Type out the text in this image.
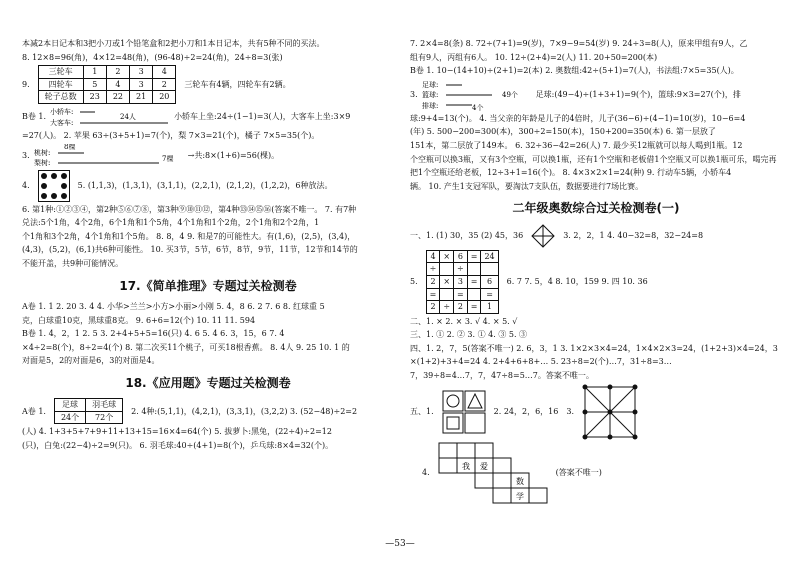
本减2本日记本和3把小刀或1个铅笔盒和2把小刀和1本日记本，共有5种不同的买法。

8. 12×8=96(角)，4×12=48(角)，(96-48)÷2=24(角)，24÷8=3(张)

9.
三轮车	1	2	3	4
四轮车	5	4	3	2
轮子总数	23	22	21	20
三轮车有4辆，四轮车有2辆。
B卷 1.
小轿车:
大客车:
24人	小轿车上坐:24÷(1−1)=3(人)，大客车上坐:3×9

=27(人)。 2. 苹果 63÷(3+5+1)=7(个)，梨 7×3=21(个)，橘子 7×5=35(个)。

3. 桃树:
梨树:
8棵
7棵 →共:8×(1+6)=56(棵)。
4.	5. (1,1,3)，(1,3,1)，(3,1,1)，(2,2,1)，(2,1,2)，(1,2,2)，6种放法。

6. 第1种:①②③④，第2种⑤⑥⑦⑧，第3种⑨⑩⑪⑫，第4种⑬⑭⑮⑯(答案不唯一。 7. 有7种

兑法:5个1角，4个2角，6个1角和1个5角，4个1角和1个2角，2个1角和2个2角，1

个1角和3个2角，4个1角和1个5角。 8. 8，4 9. 和是7的可能性大。有(1,6)，(2,5)，(3,4)，

(4,3)，(5,2)，(6,1)共6种可能性。 10. 买3节，5节，6节，8节，9节，11节，12节和14节的

不能开盖，共9种可能情况。

17.《简单推理》专题过关检测卷

A卷 1. 1 2. 20 3. 4 4. 小华>兰兰>小方>小丽>小刚 5. 4，8 6. 2 7. 6 8. 红球重 5

克，白球重10克，黑球重8克。 9. 6+6=12(个) 10. 11 11. 594

B卷 1. 4，2，1 2. 5 3. 2+4+5+5=16(只) 4. 6 5. 4 6. 3，15，6 7. 4

×4÷2=8(个)，8÷2=4(个) 8. 第二次买11个桃子，可买18根香蕉。 8. 4人 9. 25 10. 1 的

对面是5，2的对面是6，3的对面是4。

18.《应用题》专题过关检测卷
A卷 1.
足球	羽毛球
24个	72个
2. 4种:(5,1,1)，(4,2,1)，(3,3,1)，(3,2,2) 3. (52−48)÷2=2

(人) 4. 1+3+5+7+9+11+13+15=16×4=64(个) 5. 拔萝卜:黑兔，(22÷4)÷2=12

(只)，白兔:(22−4)÷2=9(只)。 6. 羽毛球:40÷(4+1)=8(个)，乒乓球:8×4=32(个)。

7. 2×4=8(条) 8. 72÷(7+1)=9(岁)，7×9−9=54(岁) 9. 24÷3=8(人)，原来甲组有9人，乙

组有9人，丙组有6人。 10. 12÷(2+4)=2(人) 11. 20+50=200(本)

B卷 1. 10−(14+10)÷(2+1)=2(本) 2. 奥数组:42÷(5+1)=7(人)，书法组:7×5=35(人)。

3.
足球:
篮球:
排球:
49个
4个
足球:(49−4)÷(1+3+1)=9(个)，篮球:9×3=27(个)，排

球:9+4=13(个)。 4. 当父亲的年龄是儿子的4倍时，儿子(36−6)÷(4−1)=10(岁)，10−6=4

(年) 5. 500−200=300(本)，300÷2=150(本)，150+200=350(本) 6. 第一层放了

151本，第二层放了149本。 6. 32÷36−42=26(人) 7. 最少买12瓶就可以每人喝到1瓶。12

个空瓶可以换3瓶，又有3个空瓶，可以换1瓶，还有1个空瓶和老板借1个空瓶又可以换1瓶可乐，喝完再

把1个空瓶还给老板，12÷3+1=16(个)。 8. 4×3×2×1=24(种) 9. 行动车5辆，小轿车4

辆。 10. 产生1支冠军队，要淘汰7支队伍，数据要进行7场比赛。

二年级奥数综合过关检测卷(一)
一、1. (1) 30，35 (2) 45，36	3. 2，2，1 4. 40−32=8，32−24=8
5.
4	×	6	=	24
÷		÷		
2	×	3	=	6
=		=		=
2	÷	2	=	1
6. 7 7. 5，4 8. 10，159 9. 四 10. 36

二、1. × 2. × 3. √ 4. × 5. √

三、1. ① 2. ② 3. ① 4. ③ 5. ③

四、1. 2，7，5(答案不唯一) 2. 6，3，1 3. 1×2×3×4=24，1×4×2×3=24，(1+2+3)×4=24，3

×(1+2)+3+4=24 4. 2+4+6+8+… 5. 23÷8=2(个)…7，31÷8=3…

7，39÷8=4…7，7，47÷8=5…7。答案不唯一。

五、1.	2. 24，2，6，16 3.
4.
我 爱
数
学
(答案不唯一)
—53—
